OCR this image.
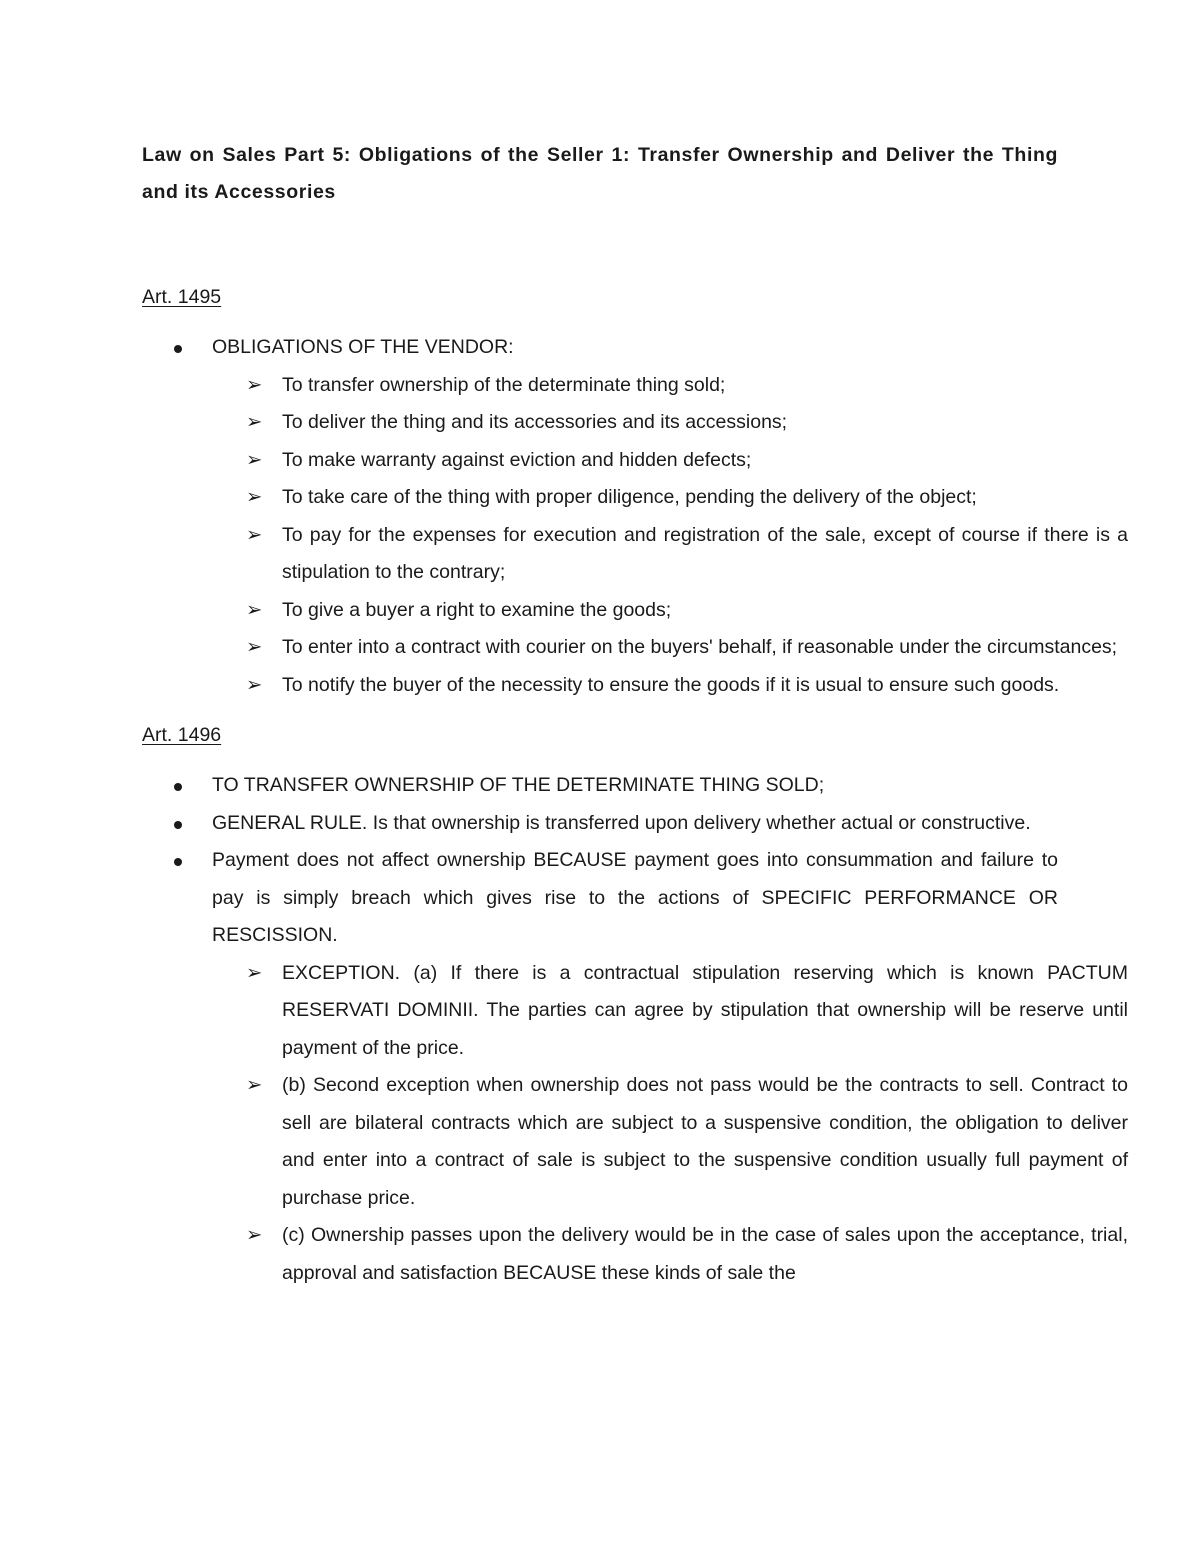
Law on Sales Part 5: Obligations of the Seller 1: Transfer Ownership and Deliver the Thing and its Accessories

Art. 1495

OBLIGATIONS OF THE VENDOR:
➢ To transfer ownership of the determinate thing sold;
➢ To deliver the thing and its accessories and its accessions;
➢ To make warranty against eviction and hidden defects;
➢ To take care of the thing with proper diligence, pending the delivery of the object;
➢ To pay for the expenses for execution and registration of the sale, except of course if there is a stipulation to the contrary;
➢ To give a buyer a right to examine the goods;
➢ To enter into a contract with courier on the buyers' behalf, if reasonable under the circumstances;
➢ To notify the buyer of the necessity to ensure the goods if it is usual to ensure such goods.

Art. 1496

TO TRANSFER OWNERSHIP OF THE DETERMINATE THING SOLD;
GENERAL RULE. Is that ownership is transferred upon delivery whether actual or constructive.
Payment does not affect ownership BECAUSE payment goes into consummation and failure to pay is simply breach which gives rise to the actions of SPECIFIC PERFORMANCE OR RESCISSION.
➢ EXCEPTION. (a) If there is a contractual stipulation reserving which is known PACTUM RESERVATI DOMINII. The parties can agree by stipulation that ownership will be reserve until payment of the price.
➢ (b) Second exception when ownership does not pass would be the contracts to sell. Contract to sell are bilateral contracts which are subject to a suspensive condition, the obligation to deliver and enter into a contract of sale is subject to the suspensive condition usually full payment of purchase price.
➢ (c) Ownership passes upon the delivery would be in the case of sales upon the acceptance, trial, approval and satisfaction BECAUSE these kinds of sale the
